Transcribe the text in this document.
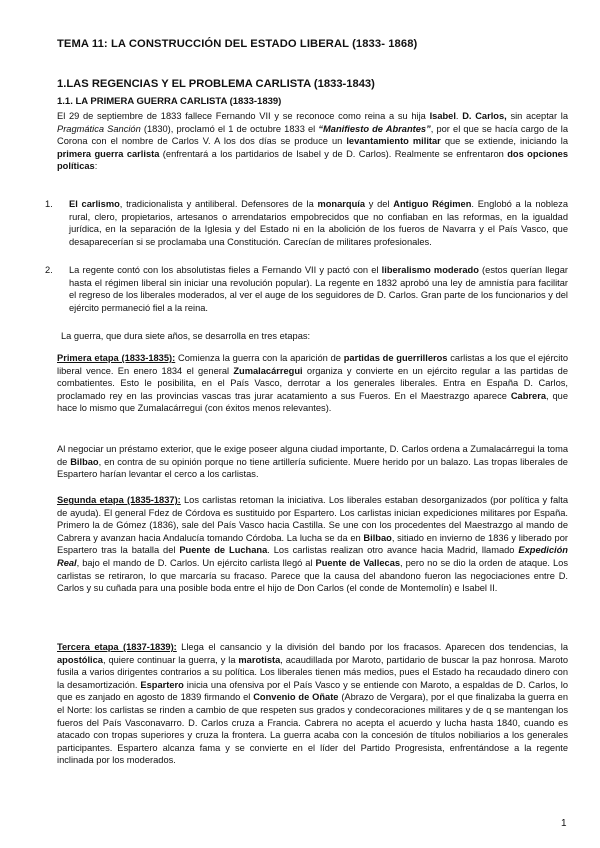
TEMA 11: LA CONSTRUCCIÓN DEL ESTADO LIBERAL (1833- 1868)
1.LAS REGENCIAS Y EL PROBLEMA CARLISTA (1833-1843)
1.1. LA PRIMERA GUERRA CARLISTA (1833-1839)

El 29 de septiembre de 1833 fallece Fernando VII y se reconoce como reina a su hija Isabel. D. Carlos, sin aceptar la Pragmática Sanción (1830), proclamó el 1 de octubre 1833 el “Manifiesto de Abrantes”, por el que se hacía cargo de la Corona con el nombre de Carlos V. A los dos días se produce un levantamiento militar que se extiende, iniciando la primera guerra carlista (enfrentará a los partidarios de Isabel y de D. Carlos). Realmente se enfrentaron dos opciones políticas:

1. El carlismo, tradicionalista y antiliberal. Defensores de la monarquía y del Antiguo Régimen. Englobó a la nobleza rural, clero, propietarios, artesanos o arrendatarios empobrecidos que no confiaban en las reformas, en la igualdad jurídica, en la separación de la Iglesia y del Estado ni en la abolición de los fueros de Navarra y el País Vasco, que desaparecerían si se proclamaba una Constitución. Carecían de militares profesionales.
2. La regente contó con los absolutistas fieles a Fernando VII y pactó con el liberalismo moderado (estos querían llegar hasta el régimen liberal sin iniciar una revolución popular). La regente en 1832 aprobó una ley de amnistía para facilitar el regreso de los liberales moderados, al ver el auge de los seguidores de D. Carlos. Gran parte de los funcionarios y del ejército permaneció fiel a la reina.

La guerra, que dura siete años, se desarrolla en tres etapas:

Primera etapa (1833-1835): Comienza la guerra con la aparición de partidas de guerrilleros carlistas a los que el ejército liberal vence. En enero 1834 el general Zumalacárregui organiza y convierte en un ejército regular a las partidas de combatientes. Esto le posibilita, en el País Vasco, derrotar a los generales liberales. Entra en España D. Carlos, proclamado rey en las provincias vascas tras jurar acatamiento a sus Fueros. En el Maestrazgo aparece Cabrera, que hace lo mismo que Zumalacárregui (con éxitos menos relevantes).

Al negociar un préstamo exterior, que le exige poseer alguna ciudad importante, D. Carlos ordena a Zumalacárregui la toma de Bilbao, en contra de su opinión porque no tiene artillería suficiente. Muere herido por un balazo. Las tropas liberales de Espartero harían levantar el cerco a los carlistas.

Segunda etapa (1835-1837): Los carlistas retoman la iniciativa. Los liberales estaban desorganizados (por política y falta de ayuda). El general Fdez de Córdova es sustituido por Espartero. Los carlistas inician expediciones militares por España. Primero la de Gómez (1836), sale del País Vasco hacia Castilla. Se une con los procedentes del Maestrazgo al mando de Cabrera y avanzan hacia Andalucía tomando Córdoba. La lucha se da en Bilbao, sitiado en invierno de 1836 y liberado por Espartero tras la batalla del Puente de Luchana. Los carlistas realizan otro avance hacia Madrid, llamado Expedición Real, bajo el mando de D. Carlos. Un ejército carlista llegó al Puente de Vallecas, pero no se dio la orden de ataque. Los carlistas se retiraron, lo que marcaría su fracaso. Parece que la causa del abandono fueron las negociaciones entre D. Carlos y su cuñada para una posible boda entre el hijo de Don Carlos (el conde de Montemolín) e Isabel II.

Tercera etapa (1837-1839): Llega el cansancio y la división del bando por los fracasos. Aparecen dos tendencias, la apostólica, quiere continuar la guerra, y la marotista, acaudillada por Maroto, partidario de buscar la paz honrosa. Maroto fusila a varios dirigentes contrarios a su política. Los liberales tienen más medios, pues el Estado ha recaudado dinero con la desamortización. Espartero inicia una ofensiva por el País Vasco y se entiende con Maroto, a espaldas de D. Carlos, lo que es zanjado en agosto de 1839 firmando el Convenio de Oñate (Abrazo de Vergara), por el que finalizaba la guerra en el Norte: los carlistas se rinden a cambio de que respeten sus grados y condecoraciones militares y de q se mantengan los fueros del País Vasconavarro. D. Carlos cruza a Francia. Cabrera no acepta el acuerdo y lucha hasta 1840, cuando es atacado con tropas superiores y cruza la frontera. La guerra acaba con la concesión de títulos nobiliarios a los generales participantes. Espartero alcanza fama y se convierte en el líder del Partido Progresista, enfrentándose a la regente inclinada por los moderados.

1
